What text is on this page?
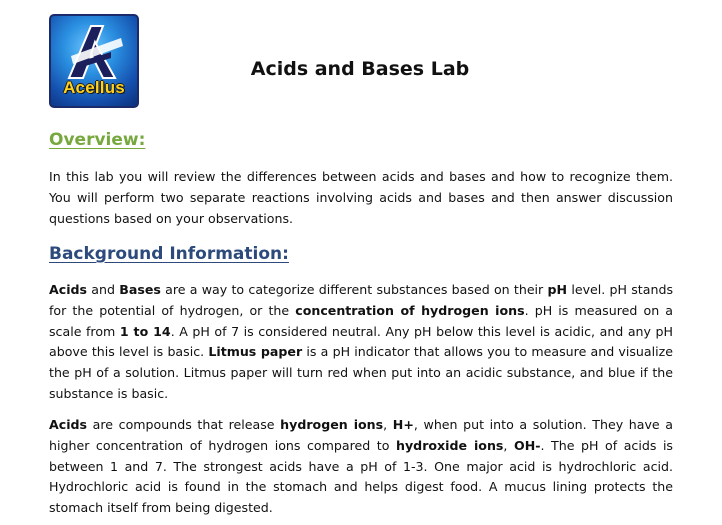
Acellus
Acids and Bases Lab
Overview:

In this lab you will review the differences between acids and bases and how to recognize them. You will perform two separate reactions involving acids and bases and then answer discussion questions based on your observations.

Background Information:

Acids and Bases are a way to categorize different substances based on their pH level. pH stands for the potential of hydrogen, or the concentration of hydrogen ions. pH is measured on a scale from 1 to 14. A pH of 7 is considered neutral. Any pH below this level is acidic, and any pH above this level is basic. Litmus paper is a pH indicator that allows you to measure and visualize the pH of a solution. Litmus paper will turn red when put into an acidic substance, and blue if the substance is basic.

Acids are compounds that release hydrogen ions, H+, when put into a solution. They have a higher concentration of hydrogen ions compared to hydroxide ions, OH-. The pH of acids is between 1 and 7. The strongest acids have a pH of 1-3. One major acid is hydrochloric acid. Hydrochloric acid is found in the stomach and helps digest food. A mucus lining protects the stomach itself from being digested.
